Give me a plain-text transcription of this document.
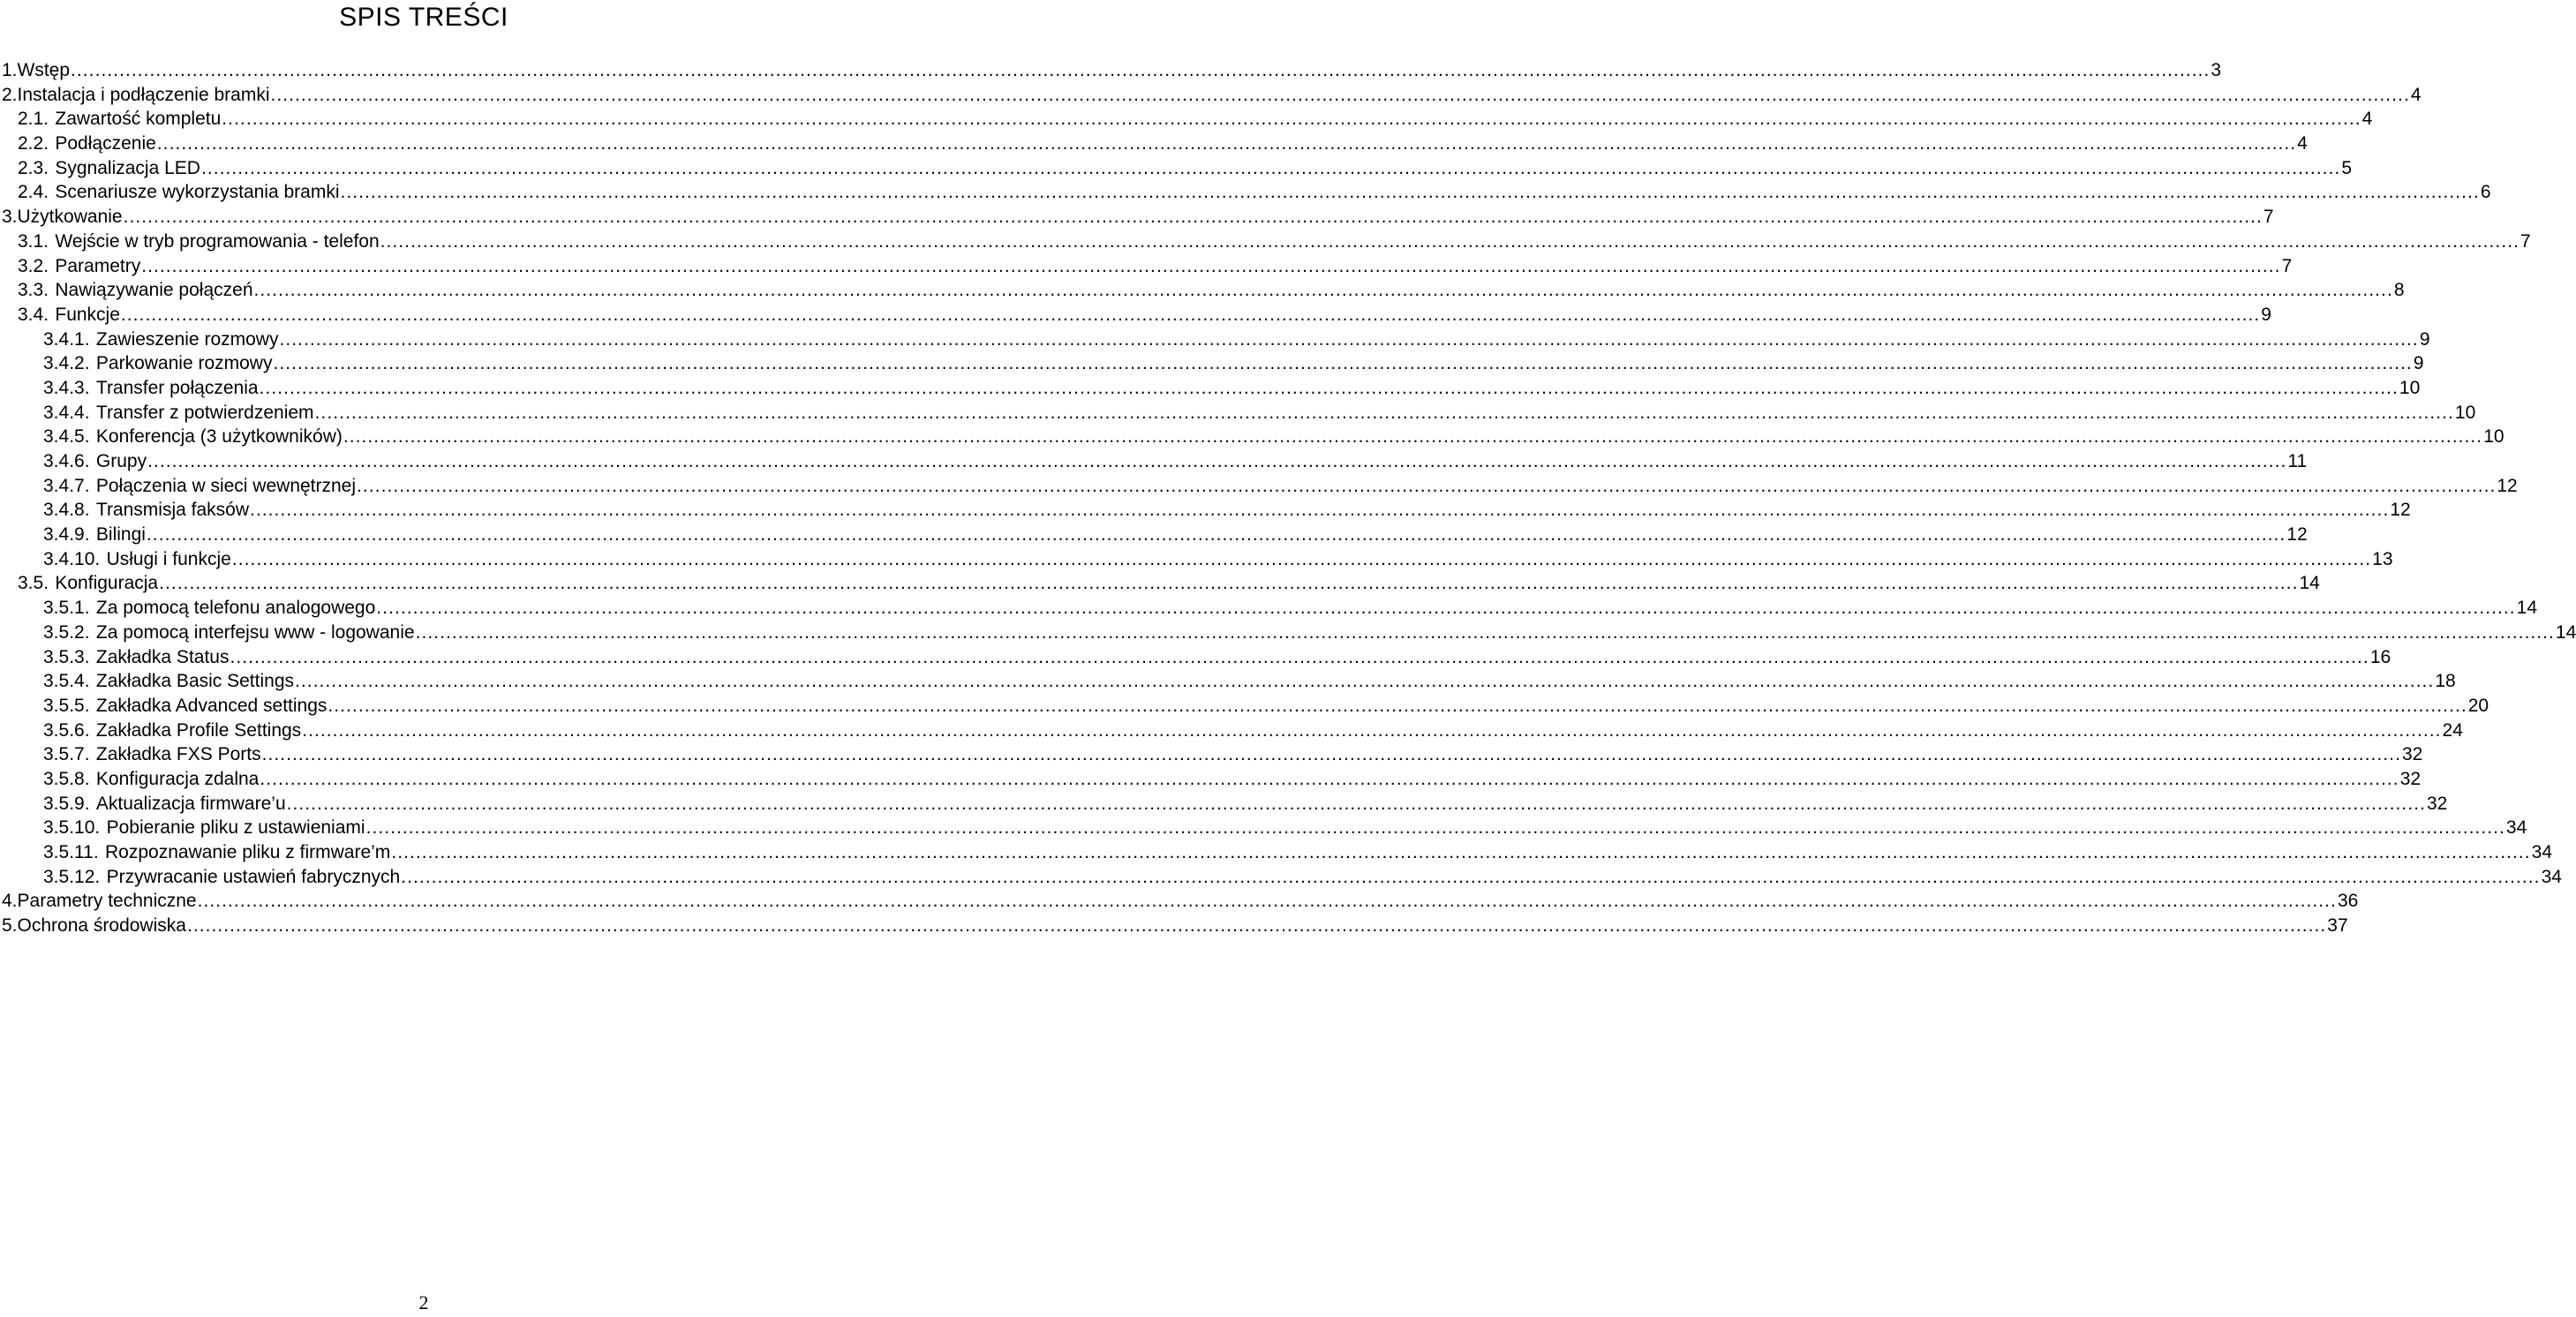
SPIS TREŚCI
1.Wstęp .....	3
2.Instalacja i podłączenie bramki .....	4
2.1. Zawartość kompletu .....	4
2.2. Podłączenie .....	4
2.3. Sygnalizacja LED .....	5
2.4. Scenariusze wykorzystania bramki .....	6
3.Użytkowanie .....	7
3.1. Wejście w tryb programowania - telefon .....	7
3.2. Parametry .....	7
3.3. Nawiązywanie połączeń .....	8
3.4. Funkcje .....	9
3.4.1. Zawieszenie rozmowy .....	9
3.4.2. Parkowanie rozmowy .....	9
3.4.3. Transfer połączenia .....	10
3.4.4. Transfer z potwierdzeniem .....	10
3.4.5. Konferencja (3 użytkowników) .....	10
3.4.6. Grupy .....	11
3.4.7. Połączenia w sieci wewnętrznej .....	12
3.4.8. Transmisja faksów .....	12
3.4.9. Bilingi .....	12
3.4.10. Usługi i funkcje .....	13
3.5. Konfiguracja .....	14
3.5.1. Za pomocą telefonu analogowego .....	14
3.5.2. Za pomocą interfejsu www - logowanie .....	14
3.5.3. Zakładka Status .....	16
3.5.4. Zakładka Basic Settings .....	18
3.5.5. Zakładka Advanced settings .....	20
3.5.6. Zakładka Profile Settings .....	24
3.5.7. Zakładka FXS Ports .....	32
3.5.8. Konfiguracja zdalna .....	32
3.5.9. Aktualizacja firmware’u .....	32
3.5.10. Pobieranie pliku z ustawieniami .....	34
3.5.11. Rozpoznawanie pliku z firmware’m .....	34
3.5.12. Przywracanie ustawień fabrycznych .....	34
4.Parametry techniczne .....	36
5.Ochrona środowiska .....	37
2
